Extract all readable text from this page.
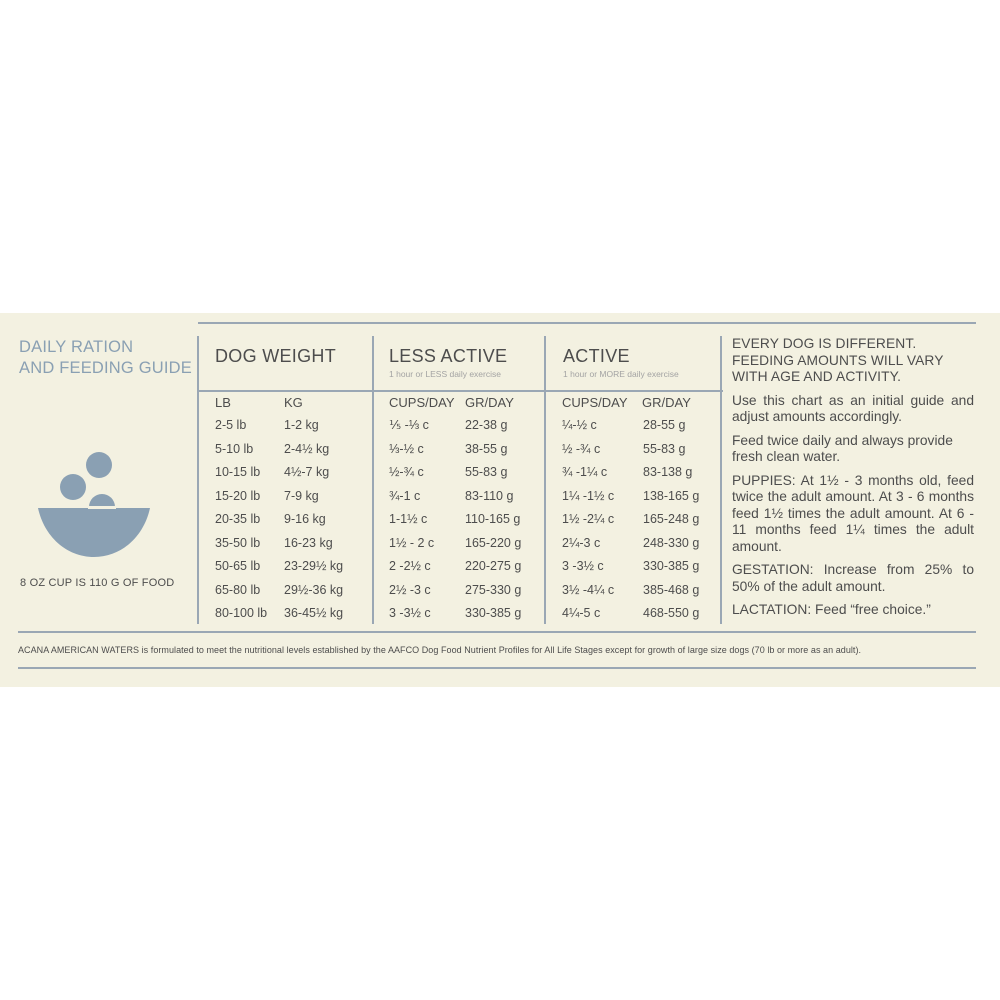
DAILY RATION
AND FEEDING GUIDE
8 OZ CUP IS 110 G OF FOOD
DOG WEIGHT	LESS ACTIVE
1 hour or LESS daily exercise
ACTIVE
1 hour or MORE daily exercise
LB	KG	CUPS/DAY GR/DAY	CUPS/DAY GR/DAY
2-5 lb	1-2 kg	⅕ -⅓ c	22-38 g	¼-½ c	28-55 g
5-10 lb 2-4½ kg	⅓-½ c	38-55 g	½ -¾ c	55-83 g
10-15 lb 4½-7 kg	½-¾ c	55-83 g	¾ -1¼ c	83-138 g
15-20 lb 7-9 kg	¾-1 c	83-110 g	1¼ -1½ c 138-165 g
20-35 lb 9-16 kg	1-1½ c	110-165 g	1½ -2¼ c 165-248 g
35-50 lb 16-23 kg	1½ - 2 c 165-220 g	2¼-3 c	248-330 g
50-65 lb 23-29½ kg	2 -2½ c	220-275 g	3 -3½ c	330-385 g
65-80 lb 29½-36 kg	2½ -3 c	275-330 g	3½ -4¼ c 385-468 g
80-100 lb 36-45½ kg	3 -3½ c	330-385 g	4¼-5 c	468-550 g
EVERY DOG IS DIFFERENT. FEEDING AMOUNTS WILL VARY WITH AGE AND ACTIVITY.

Use this chart as an initial guide and adjust amounts accordingly.

Feed twice daily and always provide fresh clean water.

PUPPIES: At 1½ - 3 months old, feed twice the adult amount. At 3 - 6 months feed 1½ times the adult amount. At 6 - 11 months feed 1¼ times the adult amount.

GESTATION: Increase from 25% to 50% of the adult amount.

LACTATION: Feed “free choice.”

ACANA AMERICAN WATERS is formulated to meet the nutritional levels established by the AAFCO Dog Food Nutrient Profiles for All Life Stages except for growth of large size dogs (70 lb or more as an adult).
